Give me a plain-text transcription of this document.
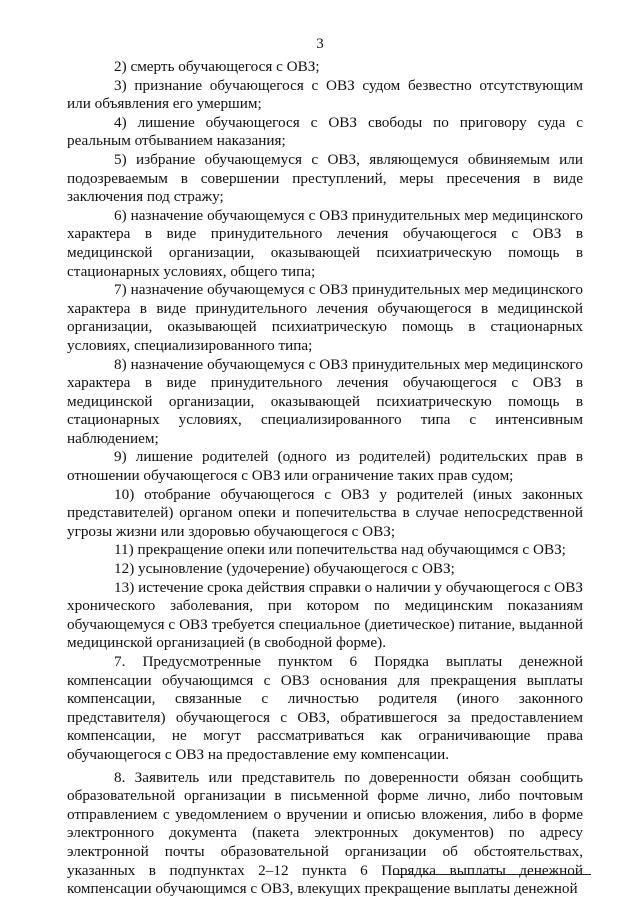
3

2) смерть обучающегося с ОВЗ;

3) признание обучающегося с ОВЗ судом безвестно отсутствующим или объявления его умершим;

4) лишение обучающегося с ОВЗ свободы по приговору суда с реальным отбыванием наказания;

5) избрание обучающемуся с ОВЗ, являющемуся обвиняемым или подозреваемым в совершении преступлений, меры пресечения в виде заключения под стражу;

6) назначение обучающемуся с ОВЗ принудительных мер медицинского характера в виде принудительного лечения обучающегося с ОВЗ в медицинской организации, оказывающей психиатрическую помощь в стационарных условиях, общего типа;

7) назначение обучающемуся с ОВЗ принудительных мер медицинского характера в виде принудительного лечения обучающегося в медицинской организации, оказывающей психиатрическую помощь в стационарных условиях, специализированного типа;

8) назначение обучающемуся с ОВЗ принудительных мер медицинского характера в виде принудительного лечения обучающегося с ОВЗ в медицинской организации, оказывающей психиатрическую помощь в стационарных условиях, специализированного типа с интенсивным наблюдением;

9) лишение родителей (одного из родителей) родительских прав в отношении обучающегося с ОВЗ или ограничение таких прав судом;

10) отобрание обучающегося с ОВЗ у родителей (иных законных представителей) органом опеки и попечительства в случае непосредственной угрозы жизни или здоровью обучающегося с ОВЗ;

11) прекращение опеки или попечительства над обучающимся с ОВЗ;

12) усыновление (удочерение) обучающегося с ОВЗ;

13) истечение срока действия справки о наличии у обучающегося с ОВЗ хронического заболевания, при котором по медицинским показаниям обучающемуся с ОВЗ требуется специальное (диетическое) питание, выданной медицинской организацией (в свободной форме).

7. Предусмотренные пунктом 6 Порядка выплаты денежной компенсации обучающимся с ОВЗ основания для прекращения выплаты компенсации, связанные с личностью родителя (иного законного представителя) обучающегося с ОВЗ, обратившегося за предоставлением компенсации, не могут рассматриваться как ограничивающие права обучающегося с ОВЗ на предоставление ему компенсации.

8. Заявитель или представитель по доверенности обязан сообщить образовательной организации в письменной форме лично, либо почтовым отправлением с уведомлением о вручении и описью вложения, либо в форме электронного документа (пакета электронных документов) по адресу электронной почты образовательной организации об обстоятельствах, указанных в подпунктах 2–12 пункта 6 Порядка выплаты денежной компенсации обучающимся с ОВЗ, влекущих прекращение выплаты денежной
